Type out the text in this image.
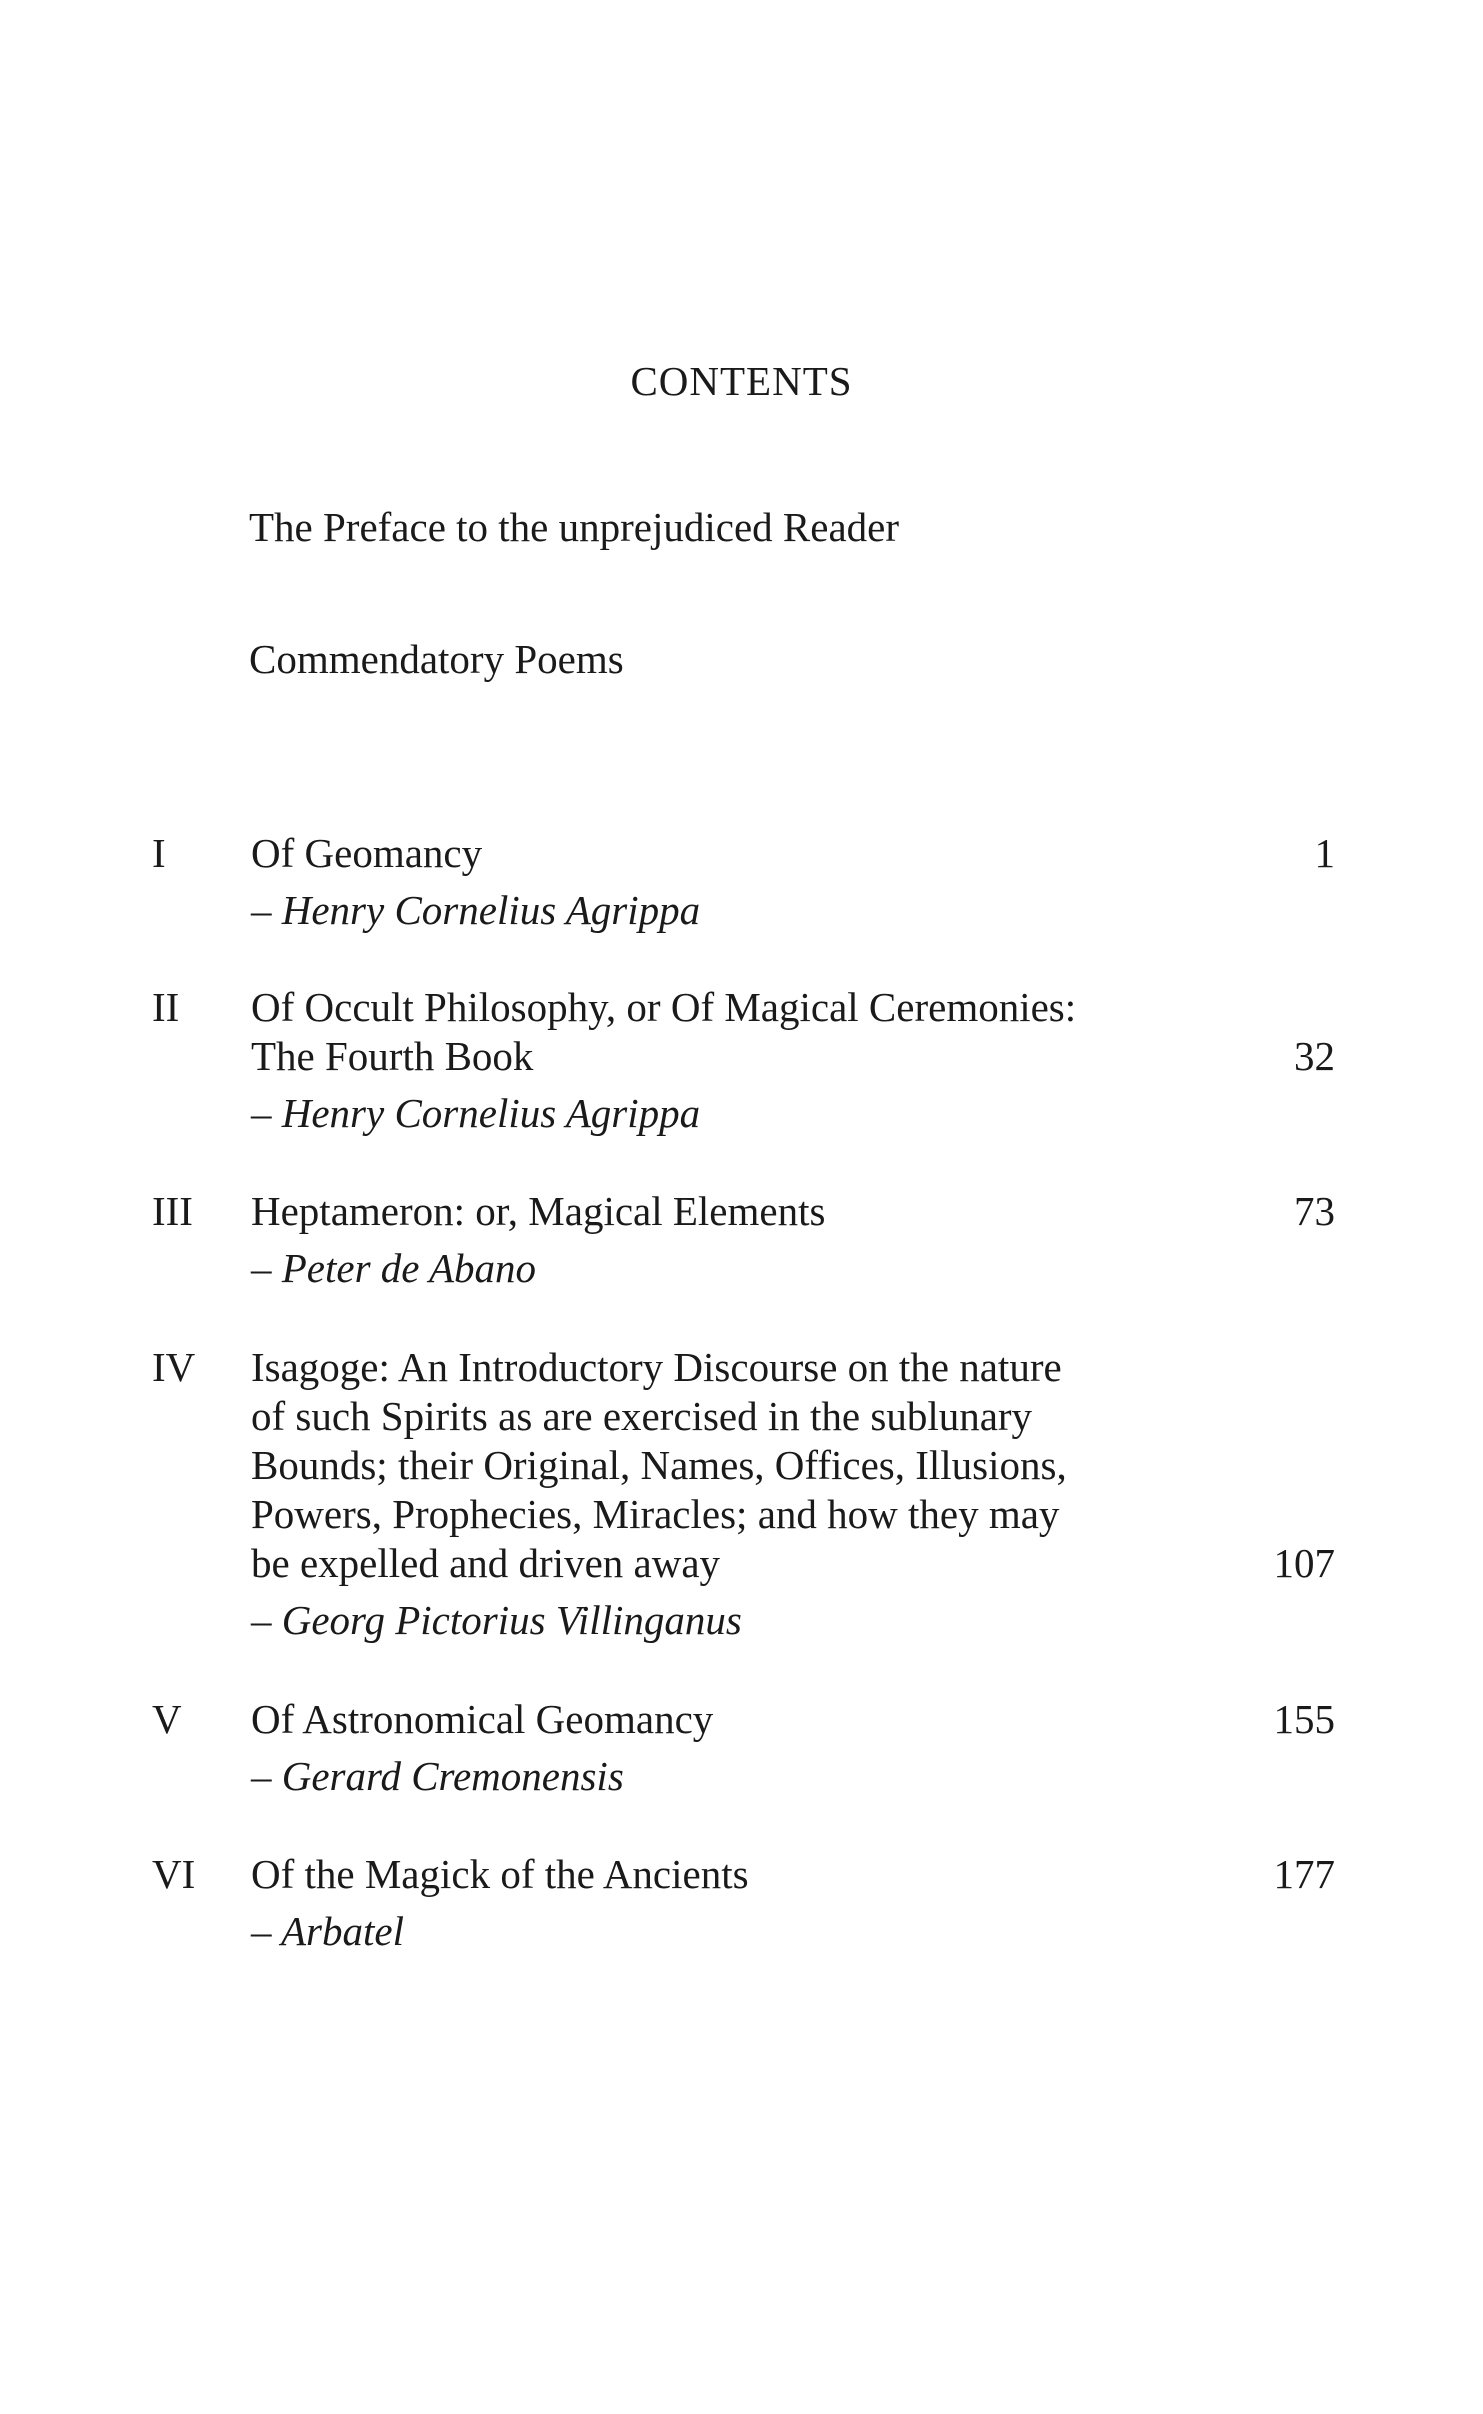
CONTENTS
The Preface to the unprejudiced Reader
Commendatory Poems
I Of Geomancy
– Henry Cornelius Agrippa
1
II Of Occult Philosophy, or Of Magical Ceremonies:
The Fourth Book
– Henry Cornelius Agrippa
32
III Heptameron: or, Magical Elements
– Peter de Abano
73
IV Isagoge: An Introductory Discourse on the nature
of such Spirits as are exercised in the sublunary
Bounds; their Original, Names, Offices, Illusions,
Powers, Prophecies, Miracles; and how they may
be expelled and driven away
– Georg Pictorius Villinganus
107
V Of Astronomical Geomancy
– Gerard Cremonensis
155
VI Of the Magick of the Ancients
– Arbatel
177
